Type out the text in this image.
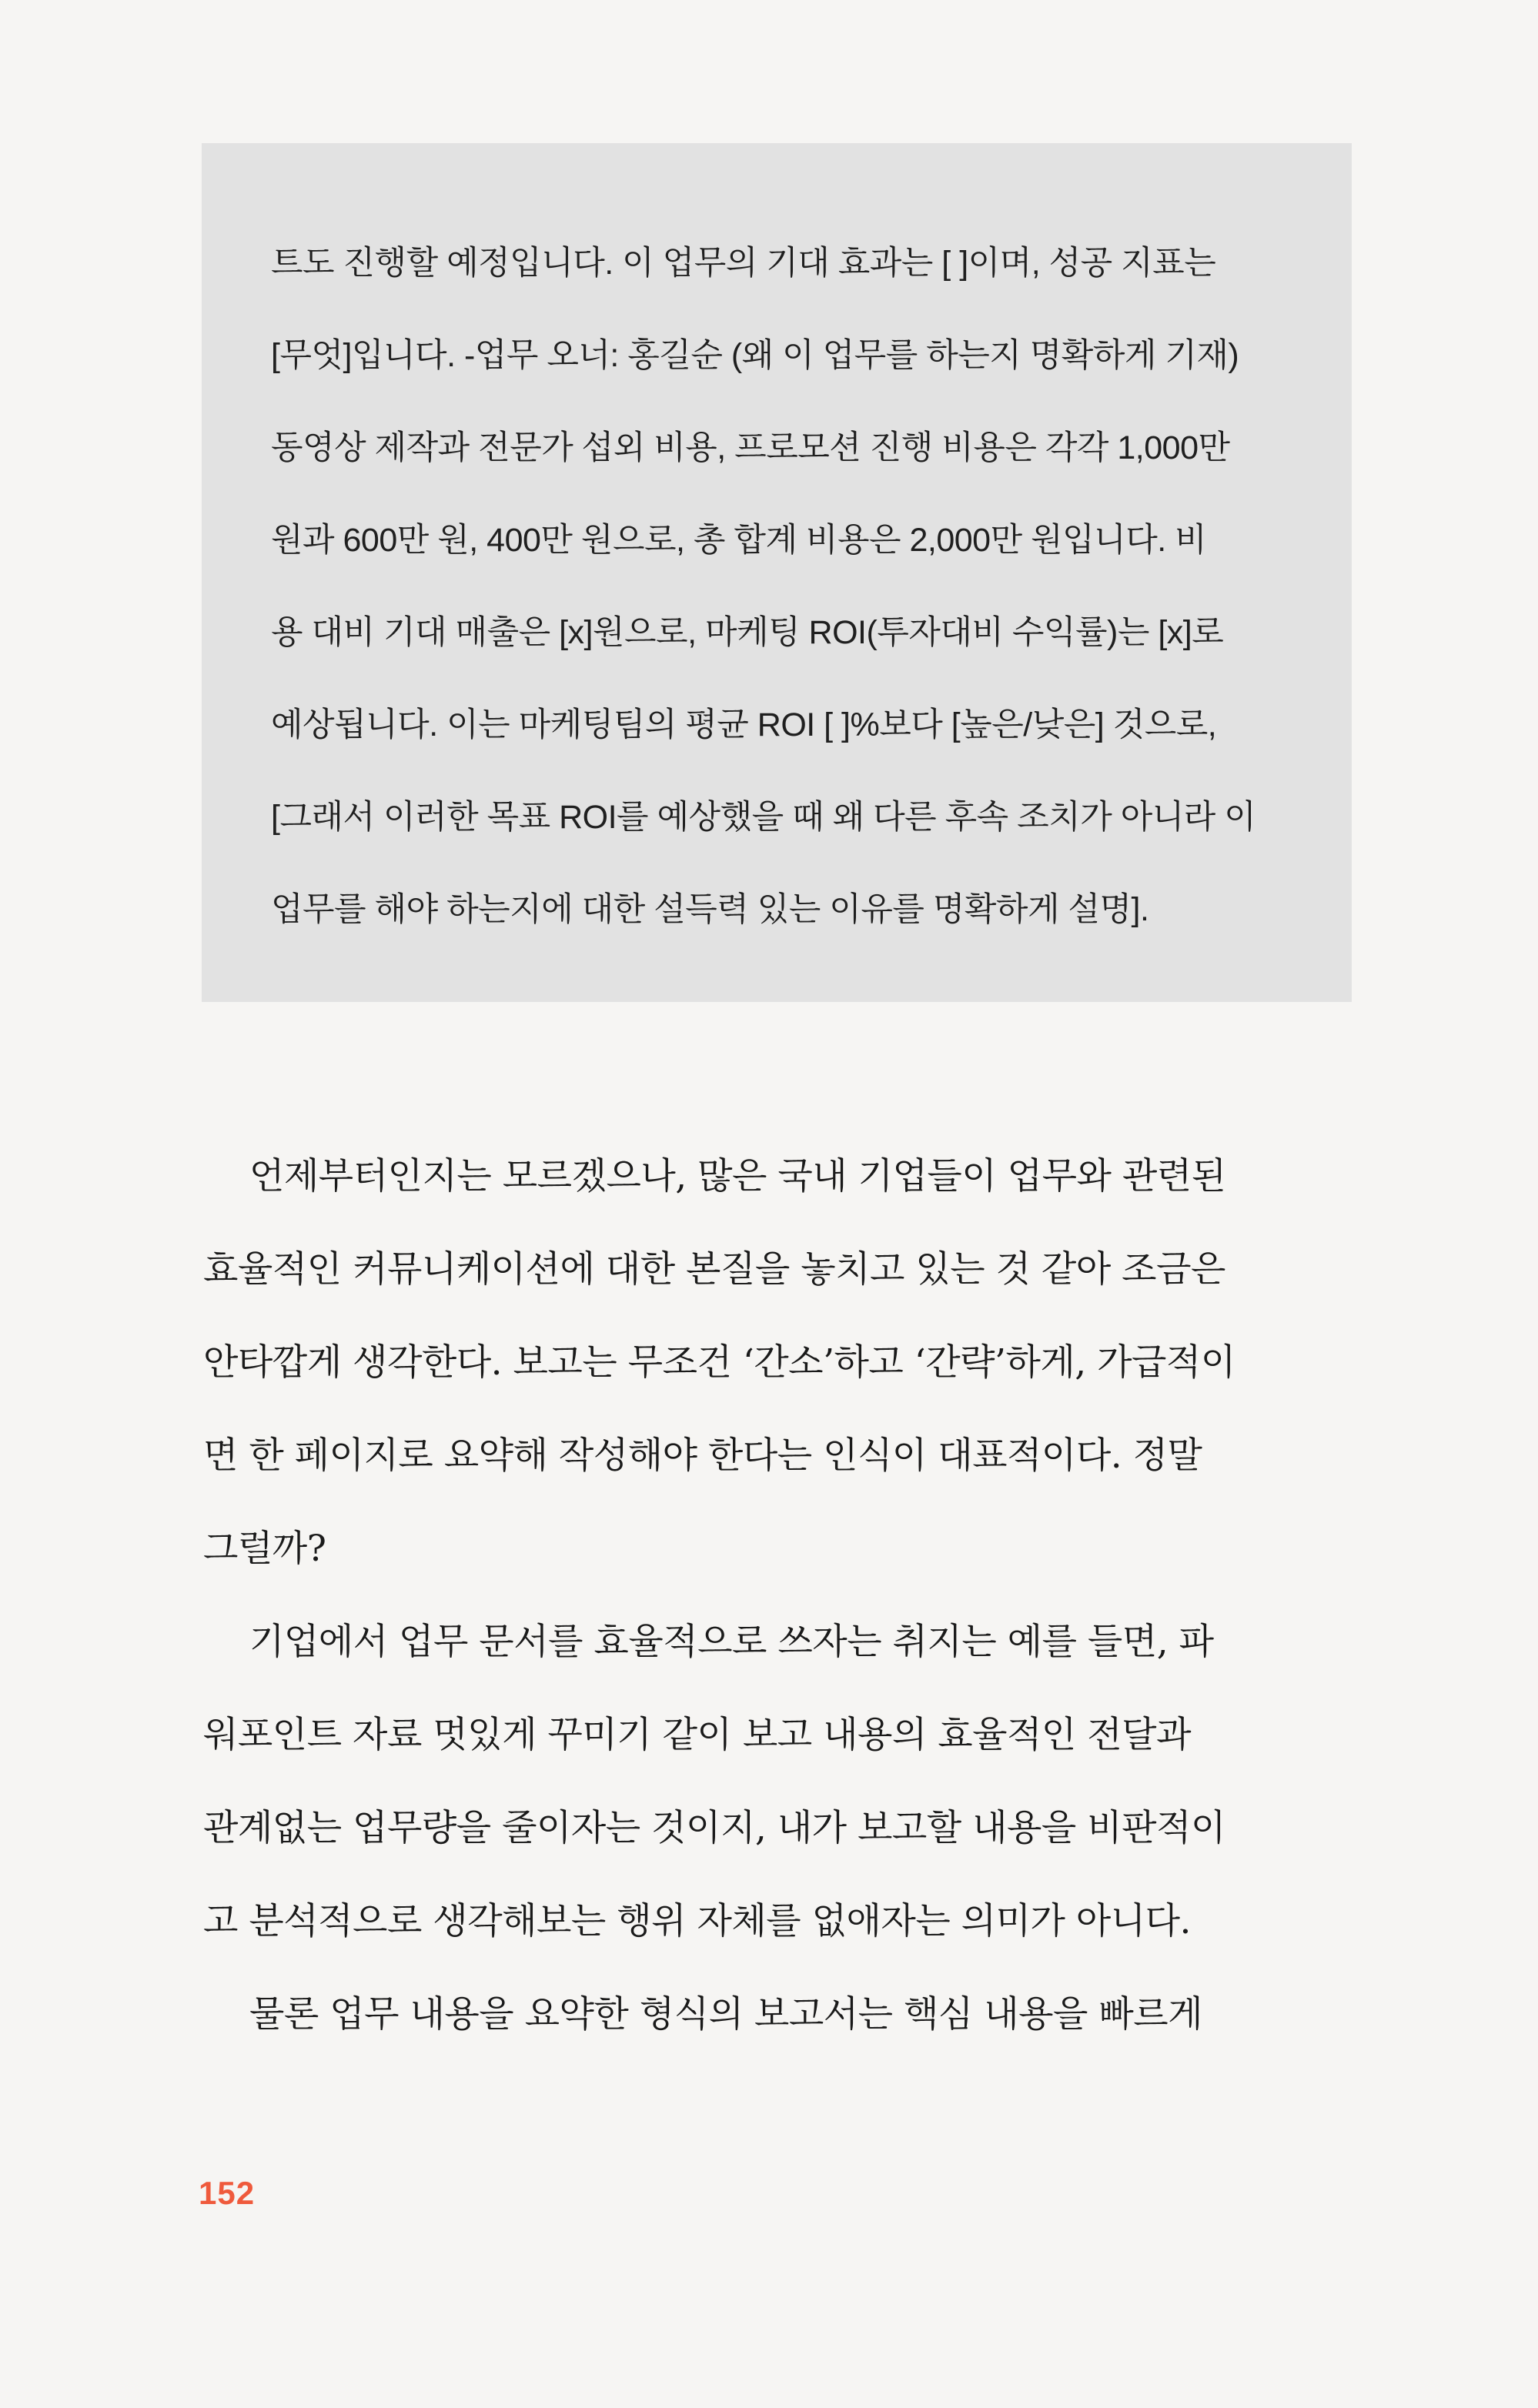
트도 진행할 예정입니다. 이 업무의 기대 효과는 [ ]이며, 성공 지표는
[무엇]입니다. -업무 오너: 홍길순 (왜 이 업무를 하는지 명확하게 기재)
동영상 제작과 전문가 섭외 비용, 프로모션 진행 비용은 각각 1,000만
원과 600만 원, 400만 원으로, 총 합계 비용은 2,000만 원입니다. 비
용 대비 기대 매출은 [x]원으로, 마케팅 ROI(투자대비 수익률)는 [x]로
예상됩니다. 이는 마케팅팀의 평균 ROI [ ]%보다 [높은/낮은] 것으로,
[그래서 이러한 목표 ROI를 예상했을 때 왜 다른 후속 조치가 아니라 이
업무를 해야 하는지에 대한 설득력 있는 이유를 명확하게 설명].
언제부터인지는 모르겠으나, 많은 국내 기업들이 업무와 관련된
효율적인 커뮤니케이션에 대한 본질을 놓치고 있는 것 같아 조금은
안타깝게 생각한다. 보고는 무조건 ‘간소’하고 ‘간략’하게, 가급적이
면 한 페이지로 요약해 작성해야 한다는 인식이 대표적이다. 정말
그럴까?
기업에서 업무 문서를 효율적으로 쓰자는 취지는 예를 들면, 파
워포인트 자료 멋있게 꾸미기 같이 보고 내용의 효율적인 전달과
관계없는 업무량을 줄이자는 것이지, 내가 보고할 내용을 비판적이
고 분석적으로 생각해보는 행위 자체를 없애자는 의미가 아니다.
물론 업무 내용을 요약한 형식의 보고서는 핵심 내용을 빠르게
152
